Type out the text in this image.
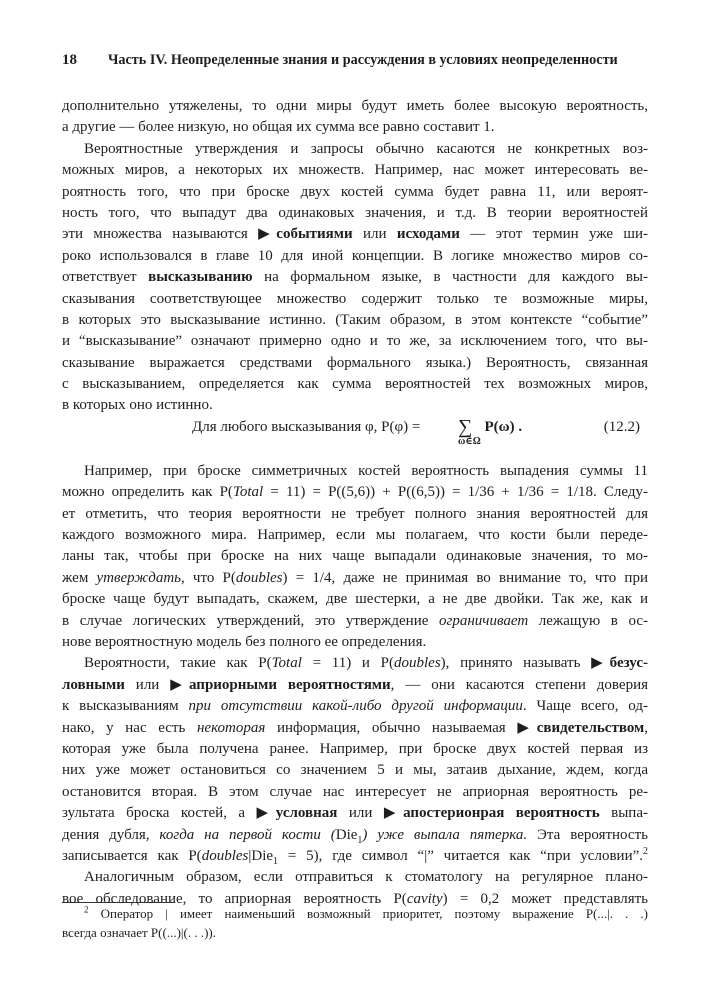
18 Часть IV. Неопределенные знания и рассуждения в условиях неопределенности
дополнительно утяжелены, то одни миры будут иметь более высокую вероятность,
а другие — более низкую, но общая их сумма все равно составит 1.
Вероятностные утверждения и запросы обычно касаются не конкретных воз-
можных миров, а некоторых их множеств. Например, нас может интересовать ве-
роятность того, что при броске двух костей сумма будет равна 11, или вероят-
ность того, что выпадут два одинаковых значения, и т.д. В теории вероятностей
эти множества называются ▶событиями или исходами — этот термин уже ши-
роко использовался в главе 10 для иной концепции. В логике множество миров со-
ответствует высказыванию на формальном языке, в частности для каждого вы-
сказывания соответствующее множество содержит только те возможные миры,
в которых это высказывание истинно. (Таким образом, в этом контексте “событие”
и “высказывание” означают примерно одно и то же, за исключением того, что вы-
сказывание выражается средствами формального языка.) Вероятность, связанная
с высказыванием, определяется как сумма вероятностей тех возможных миров,
в которых оно истинно.
Для любого высказывания φ, P(φ) = ∑
ω∈Ω
P(ω) .	(12.2)
Например, при броске симметричных костей вероятность выпадения суммы 11
можно определить как P(Total = 11) = P((5,6)) + P((6,5)) = 1/36 + 1/36 = 1/18. Следу-
ет отметить, что теория вероятности не требует полного знания вероятностей для
каждого возможного мира. Например, если мы полагаем, что кости были переде-
ланы так, чтобы при броске на них чаще выпадали одинаковые значения, то мо-
жем утверждать, что P(doubles) = 1/4, даже не принимая во внимание то, что при
броске чаще будут выпадать, скажем, две шестерки, а не две двойки. Так же, как и
в случае логических утверждений, это утверждение ограничивает лежащую в ос-
нове вероятностную модель без полного ее определения.
Вероятности, такие как P(Total = 11) и P(doubles), принято называть ▶безус-
ловными или ▶априорными вероятностями, — они касаются степени доверия
к высказываниям при отсутствии какой-либо другой информации. Чаще всего, од-
нако, у нас есть некоторая информация, обычно называемая ▶свидетельством,
которая уже была получена ранее. Например, при броске двух костей первая из
них уже может остановиться со значением 5 и мы, затаив дыхание, ждем, когда
остановится вторая. В этом случае нас интересует не априорная вероятность ре-
зультата броска костей, а ▶условная или ▶апостерионрая вероятность выпа-
дения дубля, когда на первой кости (Die$_1$) уже выпала пятерка. Эта вероятность
записывается как P(doubles|Die$_1$ = 5), где символ “|” читается как “при условии”.$^2$
Аналогичным образом, если отправиться к стоматологу на регулярное плано-
вое обследование, то априорная вероятность P(cavity) = 0,2 может представлять
$^2$ Оператор | имеет наименьший возможный приоритет, поэтому выражение P(...|. . .)
всегда означает P((...)|(. . .)).
